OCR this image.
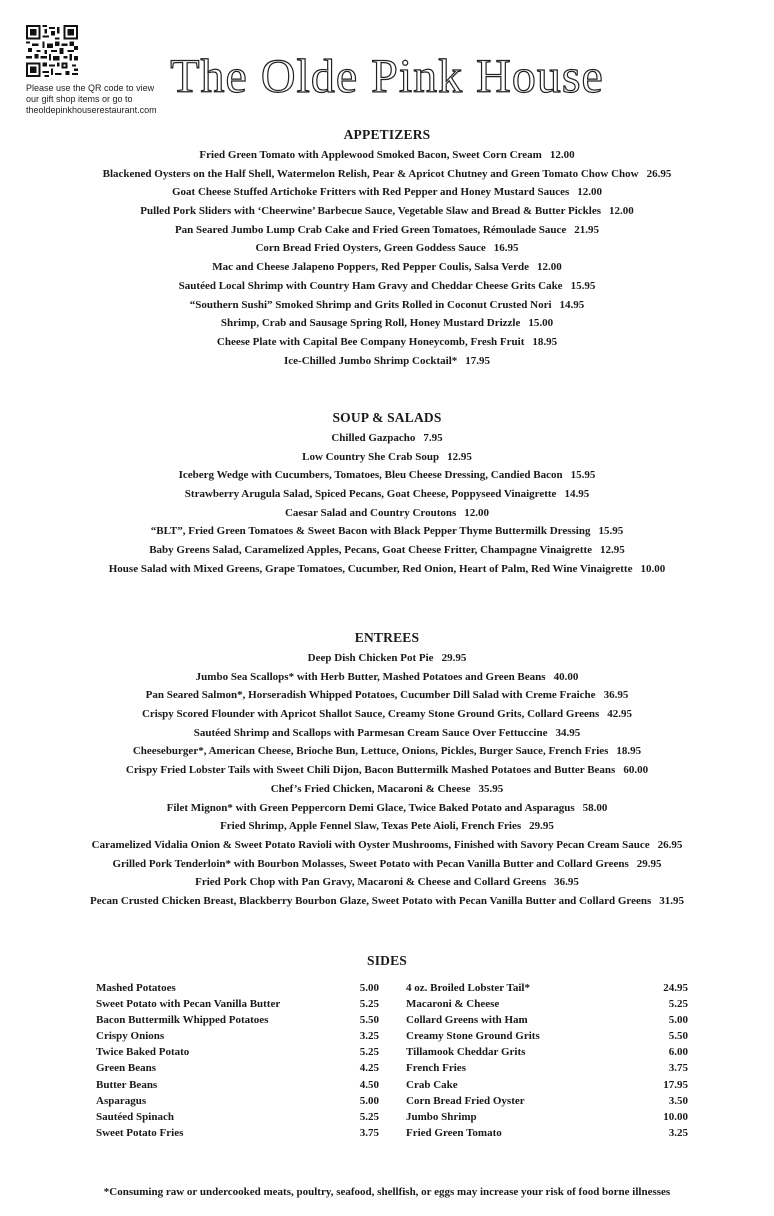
Please use the QR code to view
our gift shop items or go to
theoldepinkhouserestaurant.com
The Olde Pink House
APPETIZERS
Fried Green Tomato with Applewood Smoked Bacon, Sweet Corn Cream 12.00
Blackened Oysters on the Half Shell, Watermelon Relish, Pear & Apricot Chutney and Green Tomato Chow Chow 26.95
Goat Cheese Stuffed Artichoke Fritters with Red Pepper and Honey Mustard Sauces 12.00
Pulled Pork Sliders with ‘Cheerwine’ Barbecue Sauce, Vegetable Slaw and Bread & Butter Pickles 12.00
Pan Seared Jumbo Lump Crab Cake and Fried Green Tomatoes, Rémoulade Sauce 21.95
Corn Bread Fried Oysters, Green Goddess Sauce 16.95
Mac and Cheese Jalapeno Poppers, Red Pepper Coulis, Salsa Verde 12.00
Sautéed Local Shrimp with Country Ham Gravy and Cheddar Cheese Grits Cake 15.95
“Southern Sushi” Smoked Shrimp and Grits Rolled in Coconut Crusted Nori 14.95
Shrimp, Crab and Sausage Spring Roll, Honey Mustard Drizzle 15.00
Cheese Plate with Capital Bee Company Honeycomb, Fresh Fruit 18.95
Ice-Chilled Jumbo Shrimp Cocktail* 17.95
SOUP & SALADS
Chilled Gazpacho 7.95
Low Country She Crab Soup 12.95
Iceberg Wedge with Cucumbers, Tomatoes, Bleu Cheese Dressing, Candied Bacon 15.95
Strawberry Arugula Salad, Spiced Pecans, Goat Cheese, Poppyseed Vinaigrette 14.95
Caesar Salad and Country Croutons 12.00
“BLT”, Fried Green Tomatoes & Sweet Bacon with Black Pepper Thyme Buttermilk Dressing 15.95
Baby Greens Salad, Caramelized Apples, Pecans, Goat Cheese Fritter, Champagne Vinaigrette 12.95
House Salad with Mixed Greens, Grape Tomatoes, Cucumber, Red Onion, Heart of Palm, Red Wine Vinaigrette 10.00
ENTREES
Deep Dish Chicken Pot Pie 29.95
Jumbo Sea Scallops* with Herb Butter, Mashed Potatoes and Green Beans 40.00
Pan Seared Salmon*, Horseradish Whipped Potatoes, Cucumber Dill Salad with Creme Fraiche 36.95
Crispy Scored Flounder with Apricot Shallot Sauce, Creamy Stone Ground Grits, Collard Greens 42.95
Sautéed Shrimp and Scallops with Parmesan Cream Sauce Over Fettuccine 34.95
Cheeseburger*, American Cheese, Brioche Bun, Lettuce, Onions, Pickles, Burger Sauce, French Fries 18.95
Crispy Fried Lobster Tails with Sweet Chili Dijon, Bacon Buttermilk Mashed Potatoes and Butter Beans 60.00
Chef’s Fried Chicken, Macaroni & Cheese 35.95
Filet Mignon* with Green Peppercorn Demi Glace, Twice Baked Potato and Asparagus 58.00
Fried Shrimp, Apple Fennel Slaw, Texas Pete Aioli, French Fries 29.95
Caramelized Vidalia Onion & Sweet Potato Ravioli with Oyster Mushrooms, Finished with Savory Pecan Cream Sauce 26.95
Grilled Pork Tenderloin* with Bourbon Molasses, Sweet Potato with Pecan Vanilla Butter and Collard Greens 29.95
Fried Pork Chop with Pan Gravy, Macaroni & Cheese and Collard Greens 36.95
Pecan Crusted Chicken Breast, Blackberry Bourbon Glaze, Sweet Potato with Pecan Vanilla Butter and Collard Greens 31.95
SIDES
Mashed Potatoes	5.00
Sweet Potato with Pecan Vanilla Butter	5.25
Bacon Buttermilk Whipped Potatoes	5.50
Crispy Onions	3.25
Twice Baked Potato	5.25
Green Beans	4.25
Butter Beans	4.50
Asparagus	5.00
Sautéed Spinach	5.25
Sweet Potato Fries	3.75
4 oz. Broiled Lobster Tail*	24.95
Macaroni & Cheese	5.25
Collard Greens with Ham	5.00
Creamy Stone Ground Grits	5.50
Tillamook Cheddar Grits	6.00
French Fries	3.75
Crab Cake	17.95
Corn Bread Fried Oyster	3.50
Jumbo Shrimp	10.00
Fried Green Tomato	3.25
*Consuming raw or undercooked meats, poultry, seafood, shellfish, or eggs may increase your risk of food borne illnesses
